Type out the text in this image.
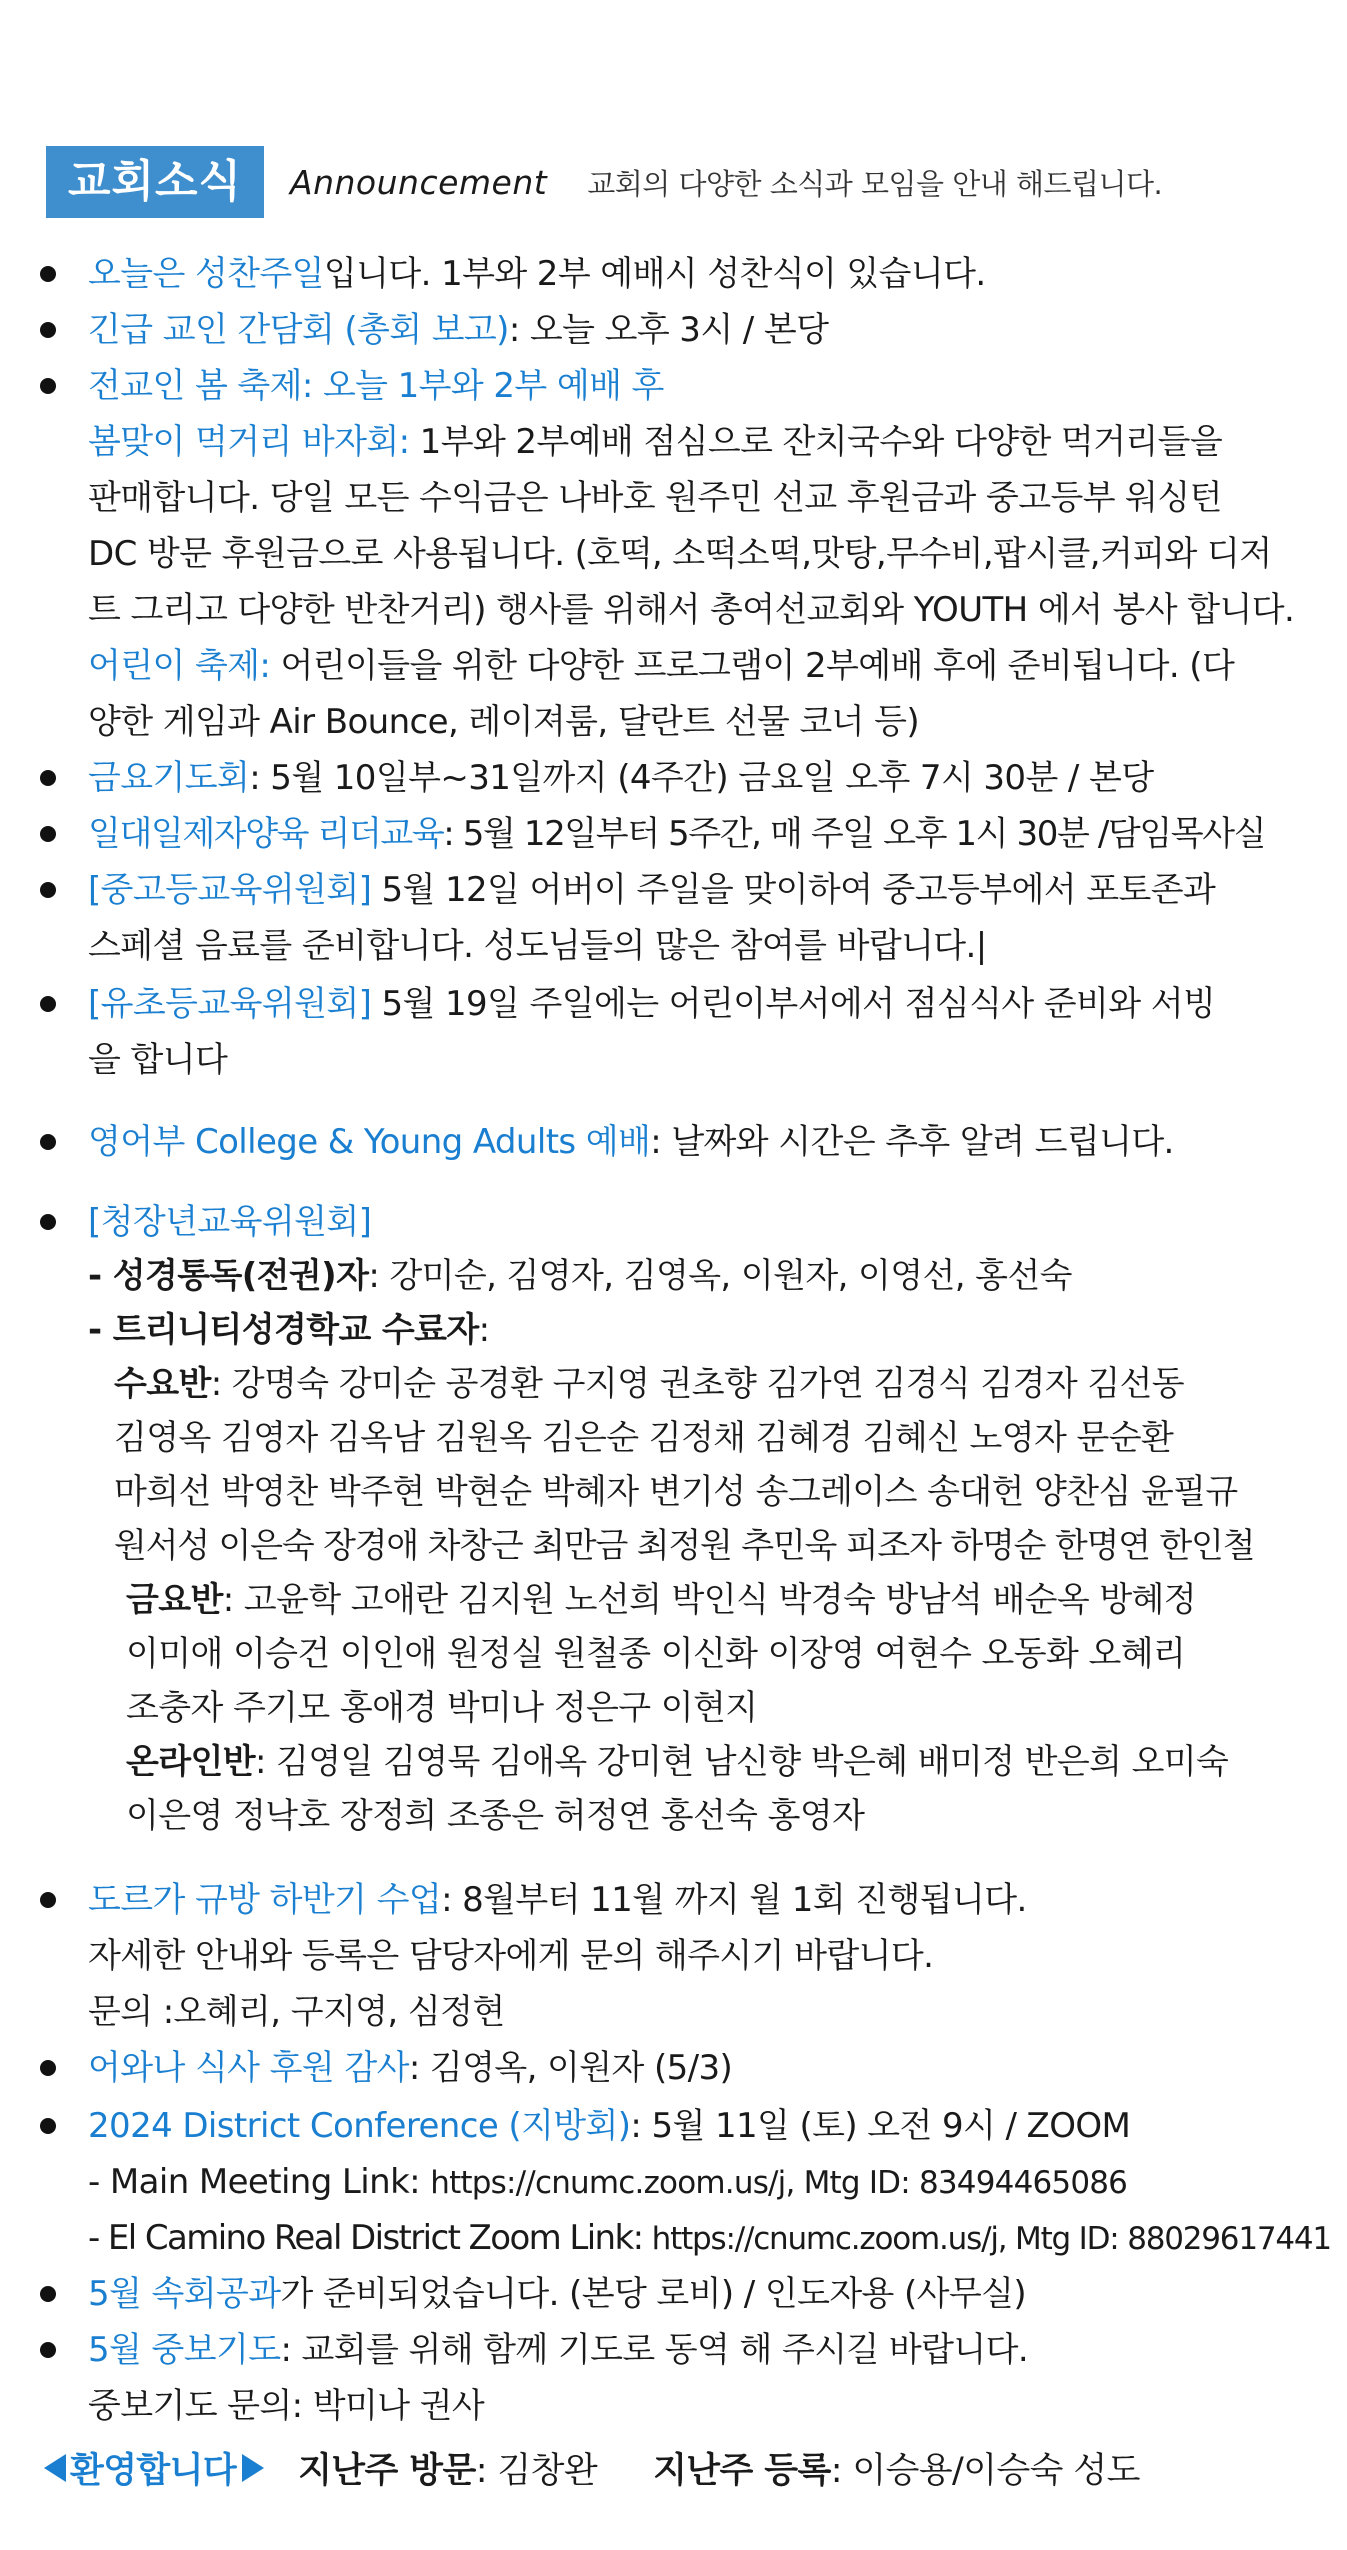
교회소식	Announcement 교회의 다양한 소식과 모임을 안내 해드립니다.
오늘은 성찬주일입니다. 1부와 2부 예배시 성찬식이 있습니다.
긴급 교인 간담회 (총회 보고): 오늘 오후 3시 / 본당
전교인 봄 축제: 오늘 1부와 2부 예배 후
봄맞이 먹거리 바자회: 1부와 2부예배 점심으로 잔치국수와 다양한 먹거리들을
판매합니다. 당일 모든 수익금은 나바호 원주민 선교 후원금과 중고등부 워싱턴
DC 방문 후원금으로 사용됩니다. (호떡, 소떡소떡,맛탕,무수비,팝시클,커피와 디저
트 그리고 다양한 반찬거리) 행사를 위해서 총여선교회와 YOUTH 에서 봉사 합니다.
어린이 축제: 어린이들을 위한 다양한 프로그램이 2부예배 후에 준비됩니다. (다
양한 게임과 Air Bounce, 레이져룸, 달란트 선물 코너 등)
금요기도회: 5월 10일부~31일까지 (4주간) 금요일 오후 7시 30분 / 본당
일대일제자양육 리더교육: 5월 12일부터 5주간, 매 주일 오후 1시 30분 /담임목사실
[중고등교육위원회] 5월 12일 어버이 주일을 맞이하여 중고등부에서 포토존과
스페셜 음료를 준비합니다. 성도님들의 많은 참여를 바랍니다.|
[유초등교육위원회] 5월 19일 주일에는 어린이부서에서 점심식사 준비와 서빙
을 합니다
영어부 College & Young Adults 예배: 날짜와 시간은 추후 알려 드립니다.
[청장년교육위원회]
- 성경통독(전권)자: 강미순, 김영자, 김영옥, 이원자, 이영선, 홍선숙
- 트리니티성경학교 수료자:
수요반: 강명숙 강미순 공경환 구지영 권초향 김가연 김경식 김경자 김선동
김영옥 김영자 김옥남 김원옥 김은순 김정채 김혜경 김혜신 노영자 문순환
마희선 박영찬 박주현 박현순 박혜자 변기성 송그레이스 송대헌 양찬심 윤필규
원서성 이은숙 장경애 차창근 최만금 최정원 추민욱 피조자 하명순 한명연 한인철
금요반: 고윤학 고애란 김지원 노선희 박인식 박경숙 방남석 배순옥 방혜정
이미애 이승건 이인애 원정실 원철종 이신화 이장영 여현수 오동화 오혜리
조충자 주기모 홍애경 박미나 정은구 이현지
온라인반: 김영일 김영묵 김애옥 강미현 남신향 박은혜 배미정 반은희 오미숙
이은영 정낙호 장정희 조종은 허정연 홍선숙 홍영자
도르가 규방 하반기 수업: 8월부터 11월 까지 월 1회 진행됩니다.
자세한 안내와 등록은 담당자에게 문의 해주시기 바랍니다.
문의 :오혜리, 구지영, 심정현
어와나 식사 후원 감사: 김영옥, 이원자 (5/3)
2024 District Conference (지방회): 5월 11일 (토) 오전 9시 / ZOOM
- Main Meeting Link: https://cnumc.zoom.us/j, Mtg ID: 83494465086
- El Camino Real District Zoom Link: https://cnumc.zoom.us/j, Mtg ID: 88029617441
5월 속회공과가 준비되었습니다. (본당 로비) / 인도자용 (사무실)
5월 중보기도: 교회를 위해 함께 기도로 동역 해 주시길 바랍니다.
중보기도 문의: 박미나 권사
환영합니다 지난주 방문 : 김창완 지난주 등록 : 이승용/이승숙 성도
